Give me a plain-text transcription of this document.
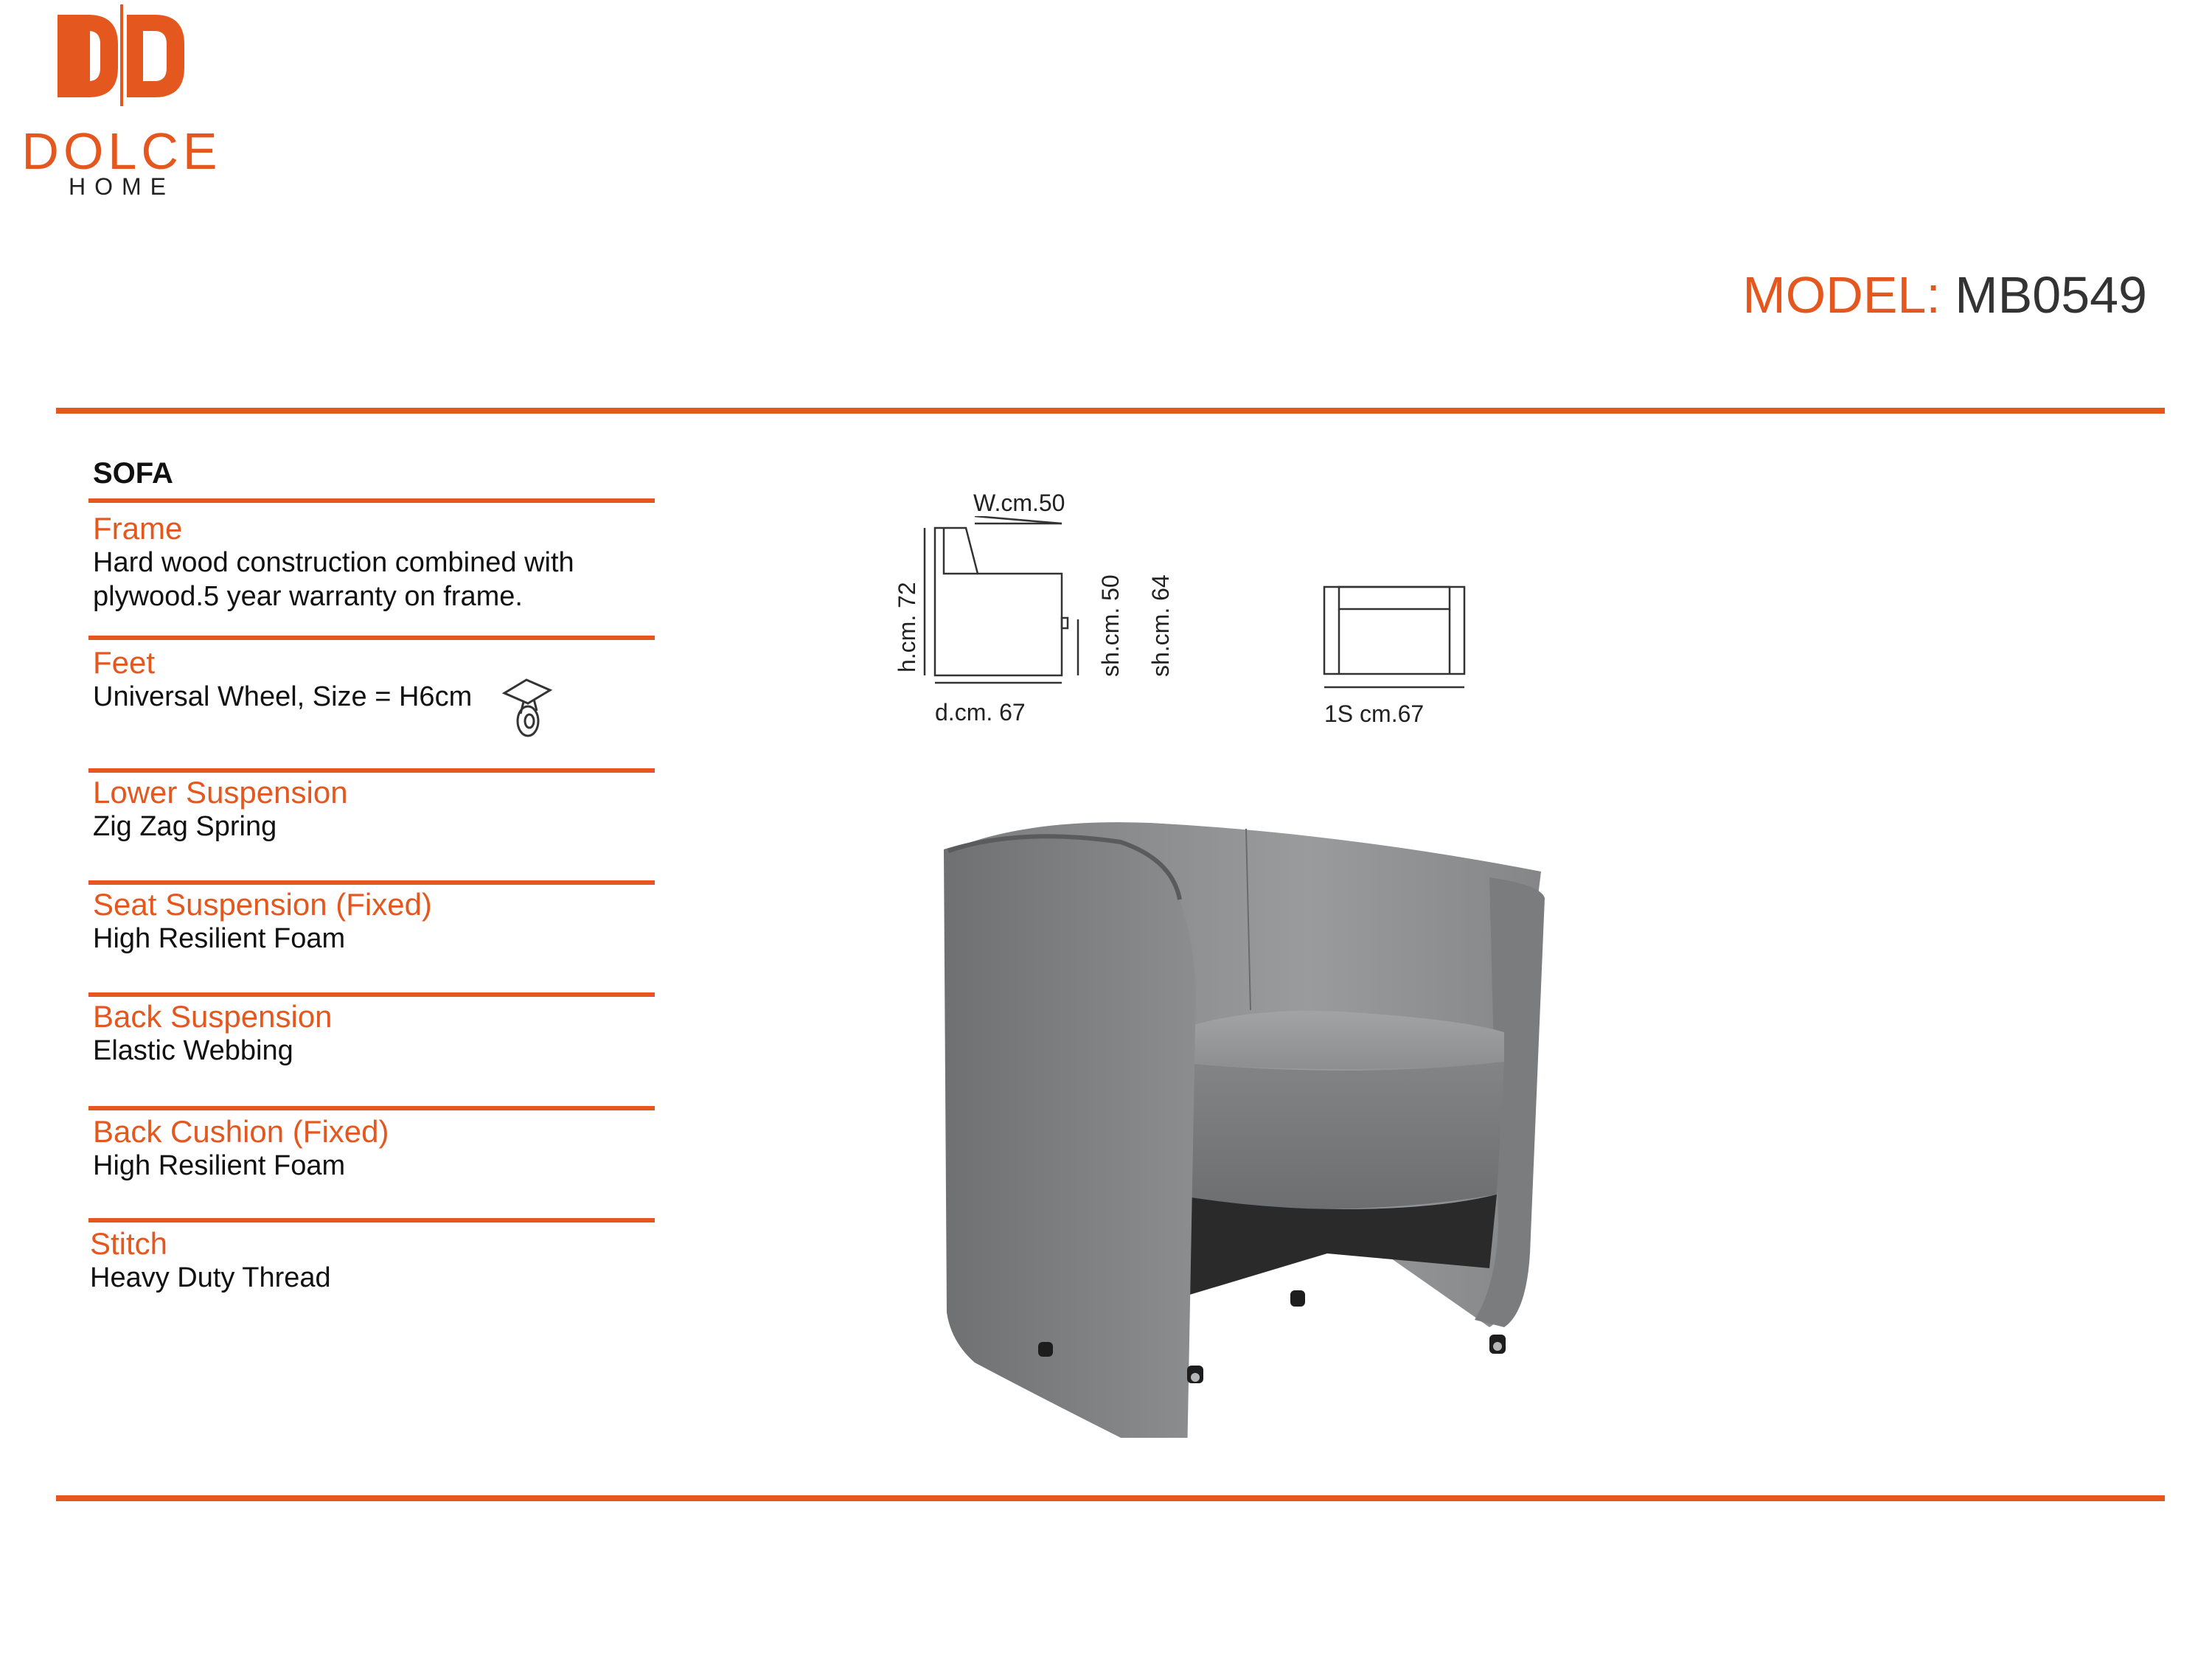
DOLCE
HOME
MODEL: MB0549
SOFA
Frame
Hard wood construction combined with plywood.5 year warranty on frame.
Feet
Universal Wheel, Size = H6cm
Lower Suspension
Zig Zag Spring
Seat Suspension (Fixed)
High Resilient Foam
Back Suspension
Elastic Webbing
Back Cushion (Fixed)
High Resilient Foam
Stitch
Heavy Duty Thread
W.cm.50
h.cm. 72	sh.cm. 50 sh.cm. 64
d.cm. 67	1S cm.67
